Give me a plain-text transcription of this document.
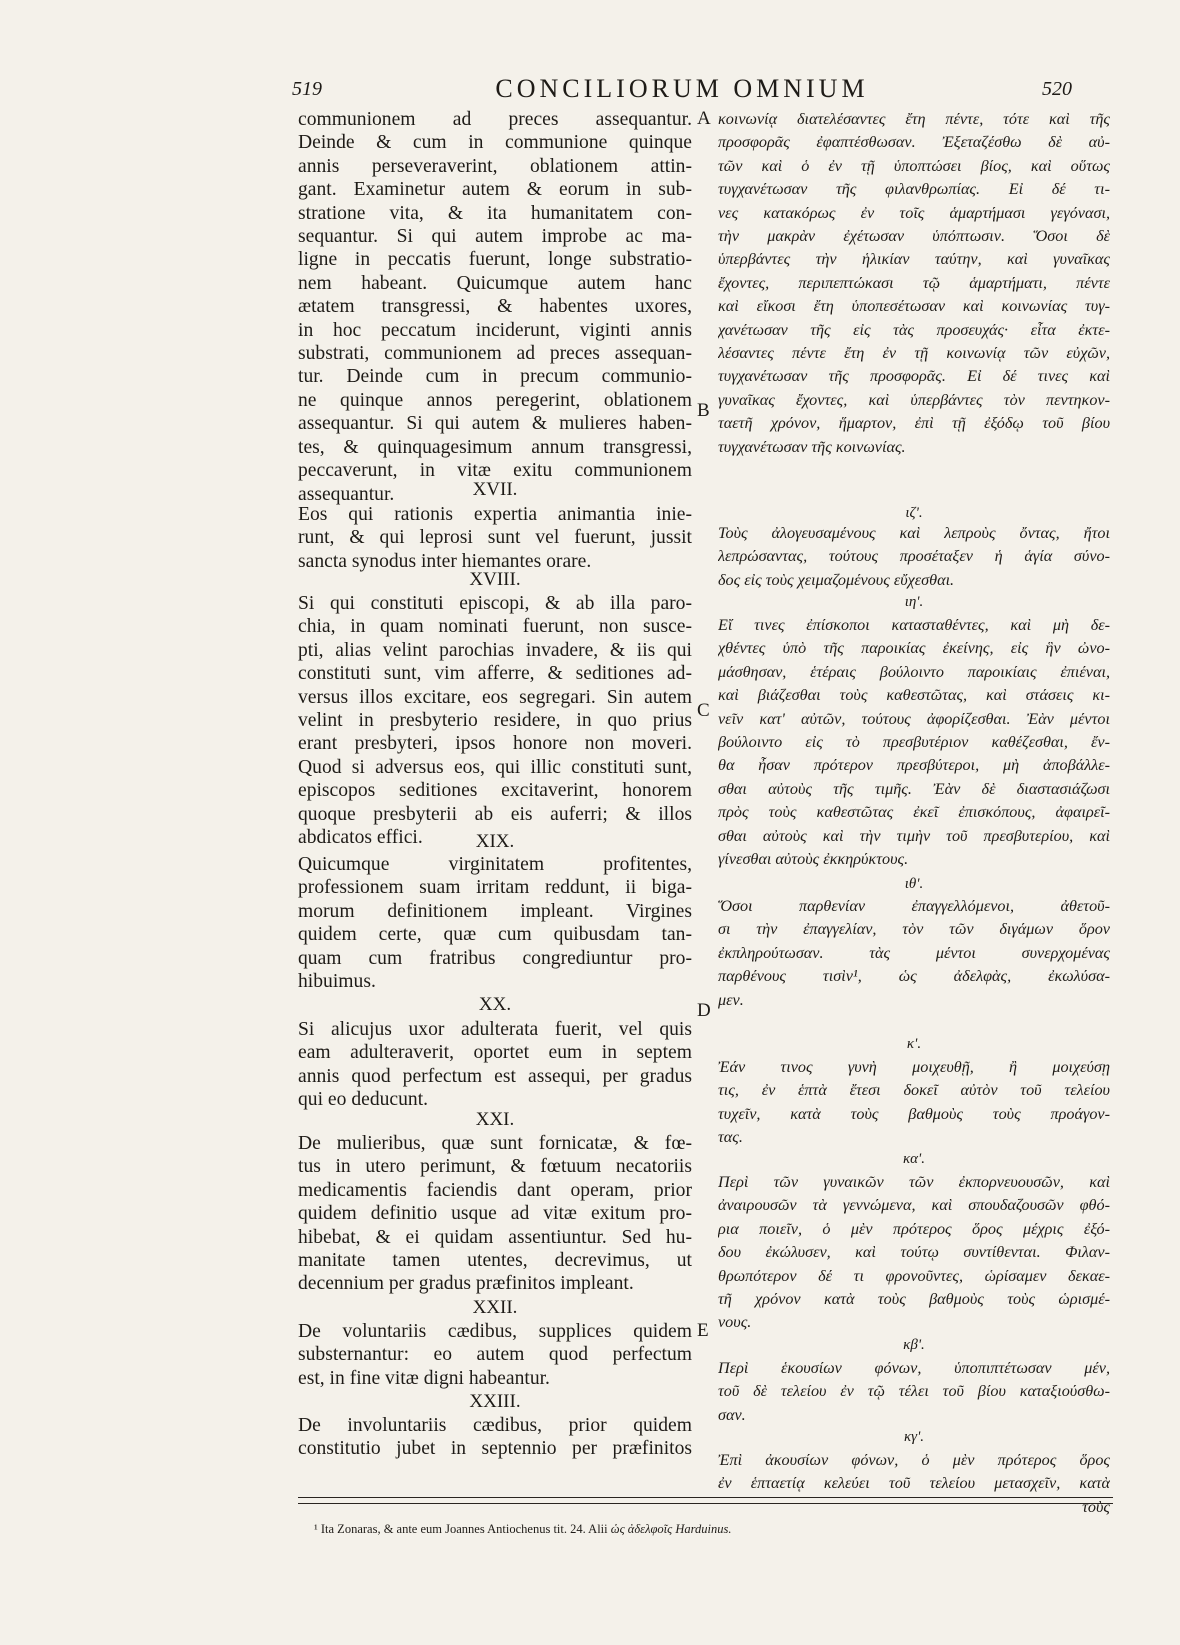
519	CONCILIORUM OMNIUM	520
communionem ad preces assequantur.
Deinde & cum in communione quinque
annis perseveraverint, oblationem attin-
gant. Examinetur autem & eorum in sub-
stratione vita, & ita humanitatem con-
sequantur. Si qui autem improbe ac ma-
ligne in peccatis fuerunt, longe substratio-
nem habeant. Quicumque autem hanc
ætatem transgressi, & habentes uxores,
in hoc peccatum inciderunt, viginti annis
substrati, communionem ad preces assequan-
tur. Deinde cum in precum communio-
ne quinque annos peregerint, oblationem
assequantur. Si qui autem & mulieres haben-
tes, & quinquagesimum annum transgressi,
peccaverunt, in vitæ exitu communionem
assequantur.	XVII.
Eos qui rationis expertia animantia inie-
runt, & qui leprosi sunt vel fuerunt, jussit
sancta synodus inter hiemantes orare.
XVIII.
Si qui constituti episcopi, & ab illa paro-
chia, in quam nominati fuerunt, non susce-
pti, alias velint parochias invadere, & iis qui
constituti sunt, vim afferre, & seditiones ad-
versus illos excitare, eos segregari. Sin autem
velint in presbyterio residere, in quo prius
erant presbyteri, ipsos honore non moveri.
Quod si adversus eos, qui illic constituti sunt,
episcopos seditiones excitaverint, honorem
quoque presbyterii ab eis auferri; & illos
abdicatos effici.	XIX.
Quicumque virginitatem profitentes,
professionem suam irritam reddunt, ii biga-
morum definitionem impleant. Virgines
quidem certe, quæ cum quibusdam tan-
quam cum fratribus congrediuntur pro-
hibuimus.
XX.
Si alicujus uxor adulterata fuerit, vel quis
eam adulteraverit, oportet eum in septem
annis quod perfectum est assequi, per gradus
qui eo deducunt.
XXI.
De mulieribus, quæ sunt fornicatæ, & fœ-
tus in utero perimunt, & fœtuum necatoriis
medicamentis faciendis dant operam, prior
quidem definitio usque ad vitæ exitum pro-
hibebat, & ei quidam assentiuntur. Sed hu-
manitate tamen utentes, decrevimus, ut
decennium per gradus præfinitos impleant.
XXII.
De voluntariis cædibus, supplices quidem
substernantur: eo autem quod perfectum
est, in fine vitæ digni habeantur.
XXIII.
De involuntariis cædibus, prior quidem
constitutio jubet in septennio per præfinitos
A
B
C
D
E
κοινωνίᾳ διατελέσαντες ἔτη πέντε, τότε καὶ τῆς
προσφορᾶς ἐφαπτέσθωσαν. Ἐξεταζέσθω δὲ αὐ-
τῶν καὶ ὁ ἐν τῇ ὑποπτώσει βίος, καὶ οὕτως
τυγχανέτωσαν τῆς φιλανθρωπίας. Εἰ δέ τι-
νες κατακόρως ἐν τοῖς ἁμαρτήμασι γεγόνασι,
τὴν μακρὰν ἐχέτωσαν ὑπόπτωσιν. Ὅσοι δὲ
ὑπερβάντες τὴν ἡλικίαν ταύτην, καὶ γυναῖκας
ἔχοντες, περιπεπτώκασι τῷ ἁμαρτήματι, πέντε
καὶ εἴκοσι ἔτη ὑποπεσέτωσαν καὶ κοινωνίας τυγ-
χανέτωσαν τῆς εἰς τὰς προσευχάς· εἶτα ἐκτε-
λέσαντες πέντε ἔτη ἐν τῇ κοινωνίᾳ τῶν εὐχῶν,
τυγχανέτωσαν τῆς προσφορᾶς. Εἰ δέ τινες καὶ
γυναῖκας ἔχοντες, καὶ ὑπερβάντες τὸν πεντηκον-
ταετῆ χρόνον, ἥμαρτον, ἐπὶ τῇ ἐξόδῳ τοῦ βίου
τυγχανέτωσαν τῆς κοινωνίας.
ιζ'.
Τοὺς ἀλογευσαμένους καὶ λεπροὺς ὄντας, ἤτοι
λεπρώσαντας, τούτους προσέταξεν ἡ ἁγία σύνο-
δος εἰς τοὺς χειμαζομένους εὔχεσθαι.
ιη'.
Εἴ τινες ἐπίσκοποι κατασταθέντες, καὶ μὴ δε-
χθέντες ὑπὸ τῆς παροικίας ἐκείνης, εἰς ἣν ὠνο-
μάσθησαν, ἑτέραις βούλοιντο παροικίαις ἐπιέναι,
καὶ βιάζεσθαι τοὺς καθεστῶτας, καὶ στάσεις κι-
νεῖν κατ' αὐτῶν, τούτους ἀφορίζεσθαι. Ἐὰν μέντοι
βούλοιντο εἰς τὸ πρεσβυτέριον καθέζεσθαι, ἔν-
θα ἦσαν πρότερον πρεσβύτεροι, μὴ ἀποβάλλε-
σθαι αὐτοὺς τῆς τιμῆς. Ἐὰν δὲ διαστασιάζωσι
πρὸς τοὺς καθεστῶτας ἐκεῖ ἐπισκόπους, ἀφαιρεῖ-
σθαι αὐτοὺς καὶ τὴν τιμὴν τοῦ πρεσβυτερίου, καὶ
γίνεσθαι αὐτοὺς ἐκκηρύκτους.
ιθ'.
Ὅσοι παρθενίαν ἐπαγγελλόμενοι, ἀθετοῦ-
σι τὴν ἐπαγγελίαν, τὸν τῶν διγάμων ὅρον
ἐκπληρούτωσαν. τὰς μέντοι συνερχομένας
παρθένους τισὶν¹, ὡς ἀδελφὰς, ἐκωλύσα-
μεν.
κ'.
Ἐάν τινος γυνὴ μοιχευθῇ, ἢ μοιχεύσῃ
τις, ἐν ἑπτὰ ἔτεσι δοκεῖ αὐτὸν τοῦ τελείου
τυχεῖν, κατὰ τοὺς βαθμοὺς τοὺς προάγον-
τας.
κα'.
Περὶ τῶν γυναικῶν τῶν ἐκπορνευουσῶν, καὶ
ἀναιρουσῶν τὰ γεννώμενα, καὶ σπουδαζουσῶν φθό-
ρια ποιεῖν, ὁ μὲν πρότερος ὅρος μέχρις ἐξό-
δου ἐκώλυσεν, καὶ τούτῳ συντίθενται. Φιλαν-
θρωπότερον δέ τι φρονοῦντες, ὡρίσαμεν δεκαε-
τῆ χρόνον κατὰ τοὺς βαθμοὺς τοὺς ὡρισμέ-
νους.
κβ'.
Περὶ ἑκουσίων φόνων, ὑποπιπτέτωσαν μέν,
τοῦ δὲ τελείου ἐν τῷ τέλει τοῦ βίου καταξιούσθω-
σαν.
κγ'.
Ἐπὶ ἀκουσίων φόνων, ὁ μὲν πρότερος ὅρος
ἐν ἑπταετίᾳ κελεύει τοῦ τελείου μετασχεῖν, κατὰ
τοὺς
¹ Ita Zonaras, & ante eum Joannes Antiochenus tit. 24. Alii ὡς ἀδελφοῖς Harduinus.
